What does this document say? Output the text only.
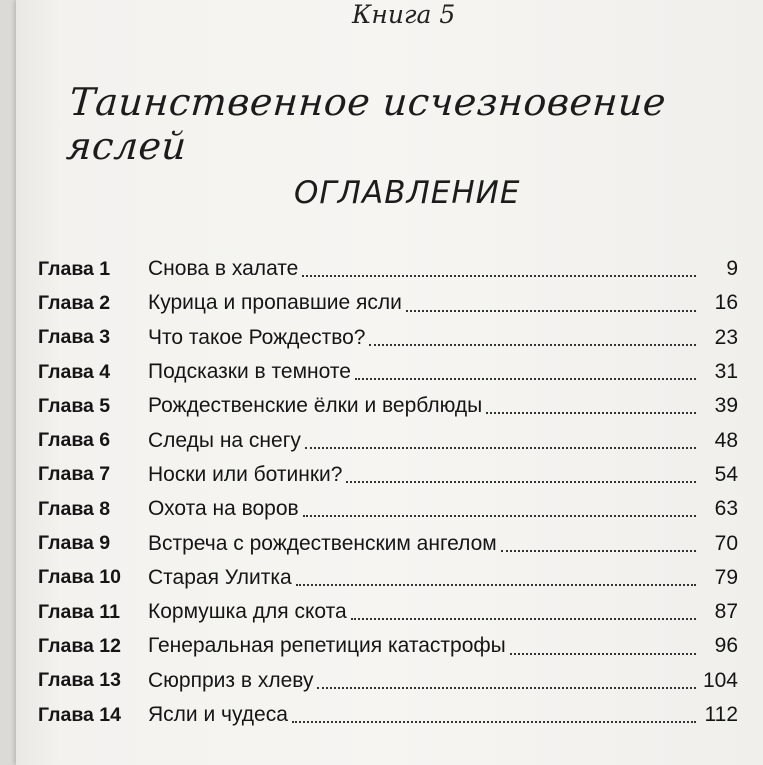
Книга 5
Таинственное исчезновение яслей
ОГЛАВЛЕНИЕ
Глава 1	Снова в халате	9
Глава 2	Курица и пропавшие ясли	16
Глава 3	Что такое Рождество?	23
Глава 4	Подсказки в темноте	31
Глава 5	Рождественские ёлки и верблюды	39
Глава 6	Следы на снегу	48
Глава 7	Носки или ботинки?	54
Глава 8	Охота на воров	63
Глава 9	Встреча с рождественским ангелом	70
Глава 10	Старая Улитка	79
Глава 11	Кормушка для скота	87
Глава 12	Генеральная репетиция катастрофы	96
Глава 13	Сюрприз в хлеву	104
Глава 14	Ясли и чудеса	112
